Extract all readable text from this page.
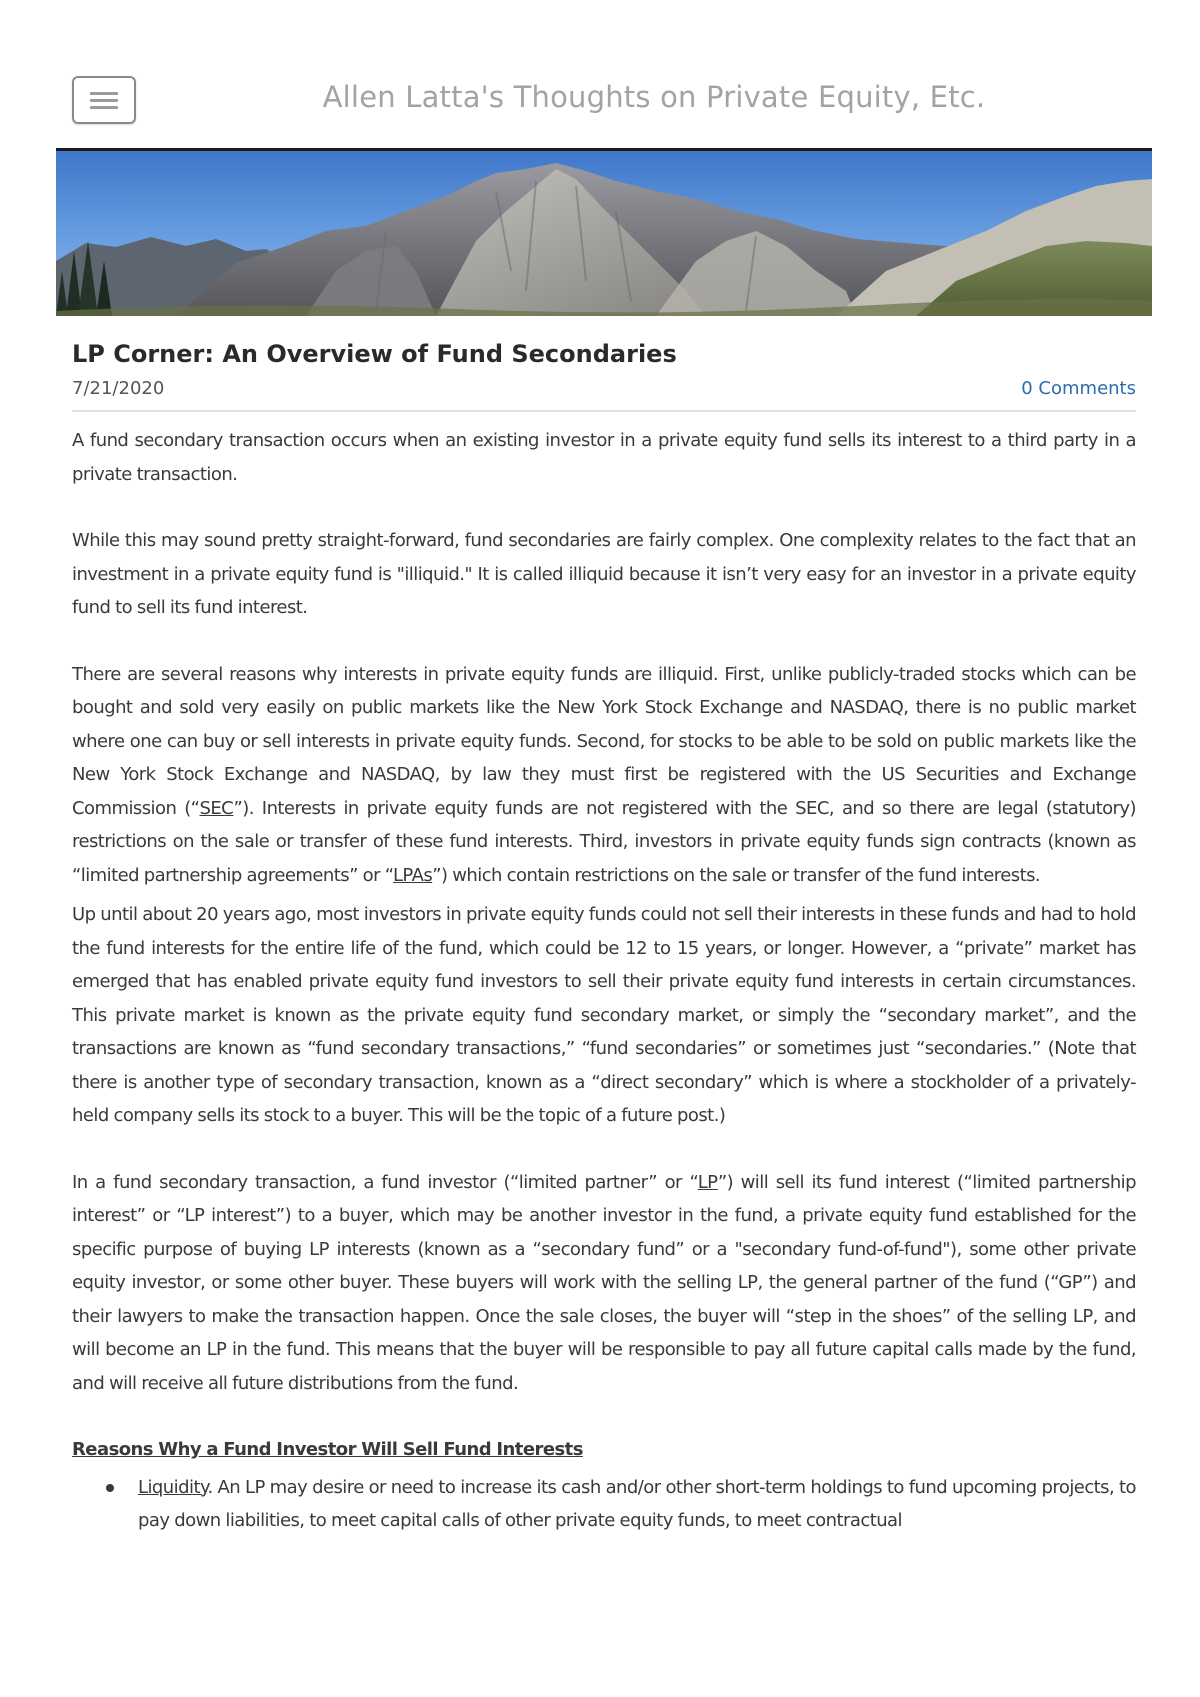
Allen Latta's Thoughts on Private Equity, Etc.
LP Corner: An Overview of Fund Secondaries
7/21/2020	0 Comments

A fund secondary transaction occurs when an existing investor in a private equity fund sells its interest to a third party in a private transaction.

While this may sound pretty straight-forward, fund secondaries are fairly complex. One complexity relates to the fact that an investment in a private equity fund is "illiquid." It is called illiquid because it isn’t very easy for an investor in a private equity fund to sell its fund interest.

There are several reasons why interests in private equity funds are illiquid. First, unlike publicly-traded stocks which can be bought and sold very easily on public markets like the New York Stock Exchange and NASDAQ, there is no public market where one can buy or sell interests in private equity funds. Second, for stocks to be able to be sold on public markets like the New York Stock Exchange and NASDAQ, by law they must first be registered with the US Securities and Exchange Commission (“SEC”). Interests in private equity funds are not registered with the SEC, and so there are legal (statutory) restrictions on the sale or transfer of these fund interests. Third, investors in private equity funds sign contracts (known as “limited partnership agreements” or “LPAs”) which contain restrictions on the sale or transfer of the fund interests.

Up until about 20 years ago, most investors in private equity funds could not sell their interests in these funds and had to hold the fund interests for the entire life of the fund, which could be 12 to 15 years, or longer. However, a “private” market has emerged that has enabled private equity fund investors to sell their private equity fund interests in certain circumstances. This private market is known as the private equity fund secondary market, or simply the “secondary market”, and the transactions are known as “fund secondary transactions,” “fund secondaries” or sometimes just “secondaries.” (Note that there is another type of secondary transaction, known as a “direct secondary” which is where a stockholder of a privately-held company sells its stock to a buyer. This will be the topic of a future post.)

In a fund secondary transaction, a fund investor (“limited partner” or “LP”) will sell its fund interest (“limited partnership interest” or “LP interest”) to a buyer, which may be another investor in the fund, a private equity fund established for the specific purpose of buying LP interests (known as a “secondary fund” or a "secondary fund-of-fund"), some other private equity investor, or some other buyer. These buyers will work with the selling LP, the general partner of the fund (“GP”) and their lawyers to make the transaction happen. Once the sale closes, the buyer will “step in the shoes” of the selling LP, and will become an LP in the fund. This means that the buyer will be responsible to pay all future capital calls made by the fund, and will receive all future distributions from the fund.

Reasons Why a Fund Investor Will Sell Fund Interests

Liquidity. An LP may desire or need to increase its cash and/or other short-term holdings to fund upcoming projects, to pay down liabilities, to meet capital calls of other private equity funds, to meet contractual
